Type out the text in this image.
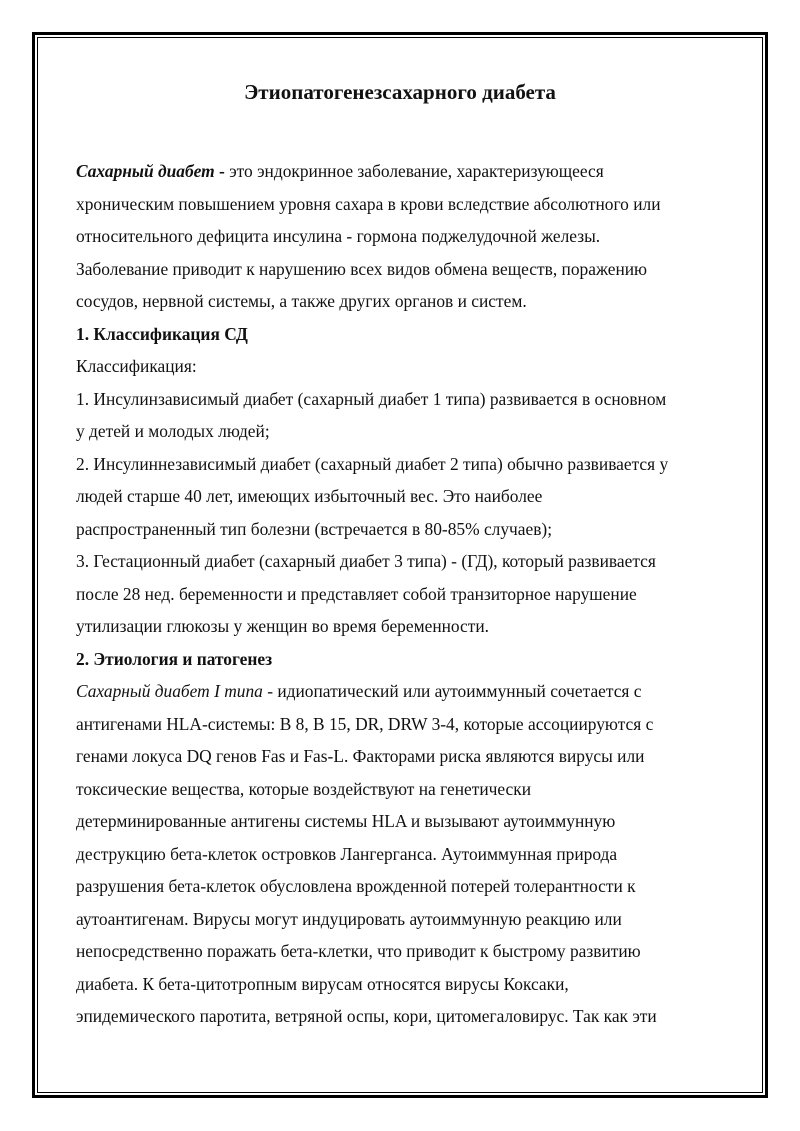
Этиопатогенезсахарного диабета
Сахарный диабет - это эндокринное заболевание, характеризующееся
хроническим повышением уровня сахара в крови вследствие абсолютного или
относительного дефицита инсулина - гормона поджелудочной железы.
Заболевание приводит к нарушению всех видов обмена веществ, поражению
сосудов, нервной системы, а также других органов и систем.
1. Классификация СД
Классификация:
1. Инсулинзависимый диабет (сахарный диабет 1 типа) развивается в основном
у детей и молодых людей;
2. Инсулиннезависимый диабет (сахарный диабет 2 типа) обычно развивается у
людей старше 40 лет, имеющих избыточный вес. Это наиболее
распространенный тип болезни (встречается в 80-85% случаев);
3. Гестационный диабет (сахарный диабет 3 типа) - (ГД), который развивается
после 28 нед. беременности и представляет собой транзиторное нарушение
утилизации глюкозы у женщин во время беременности.
2. Этиология и патогенез
Сахарный диабет I типа - идиопатический или аутоиммунный сочетается с
антигенами HLA-системы: B 8, B 15, DR, DRW 3-4, которые ассоциируются с
генами локуса DQ генов Fas и Fas-L. Факторами риска являются вирусы или
токсические вещества, которые воздействуют на генетически
детерминированные антигены системы HLA и вызывают аутоиммунную
деструкцию бета-клеток островков Лангерганса. Аутоиммунная природа
разрушения бета-клеток обусловлена врожденной потерей толерантности к
аутоантигенам. Вирусы могут индуцировать аутоиммунную реакцию или
непосредственно поражать бета-клетки, что приводит к быстрому развитию
диабета. К бета-цитотропным вирусам относятся вирусы Коксаки,
эпидемического паротита, ветряной оспы, кори, цитомегаловирус. Так как эти
